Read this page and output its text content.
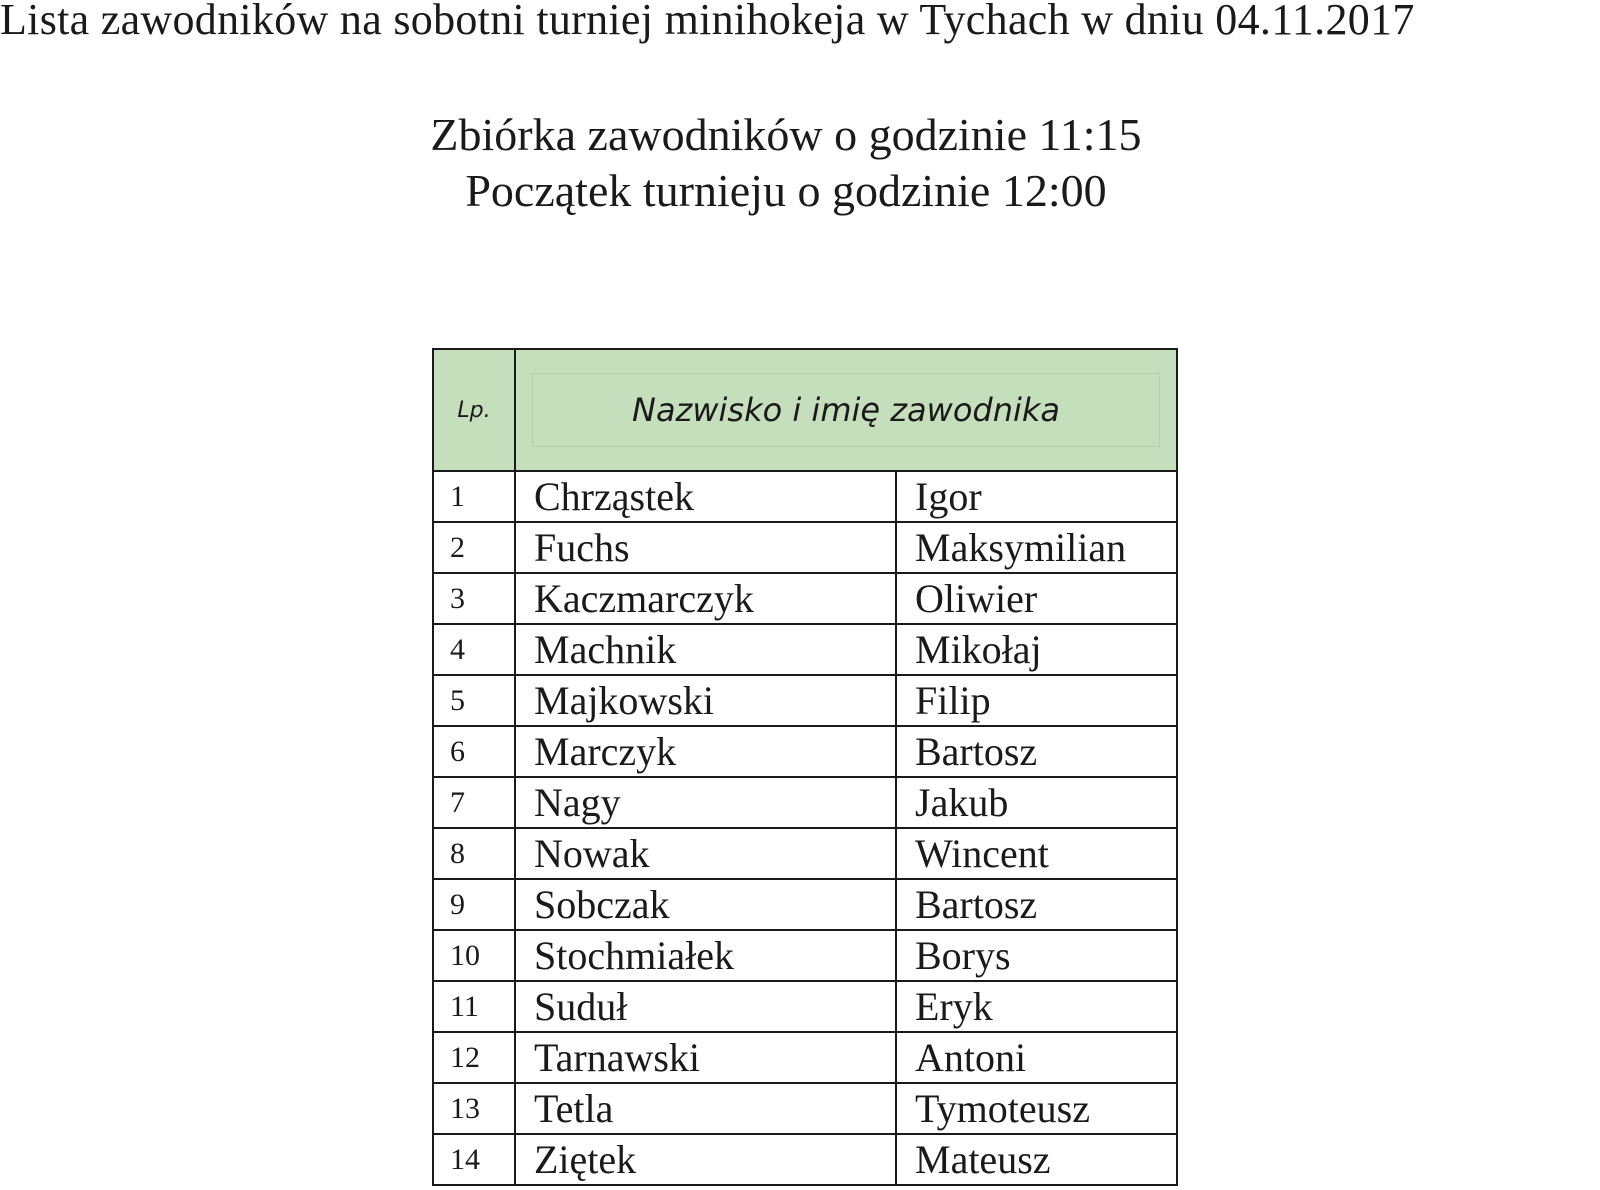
Lista zawodników na sobotni turniej minihokeja w Tychach w dniu 04.11.2017
Zbiórka zawodników o godzinie 11:15
Początek turnieju o godzinie 12:00
Lp.	Nazwisko i imię zawodnika	

1	Chrząstek	Igor
2	Fuchs	Maksymilian
3	Kaczmarczyk	Oliwier
4	Machnik	Mikołaj
5	Majkowski	Filip
6	Marczyk	Bartosz
7	Nagy	Jakub
8	Nowak	Wincent
9	Sobczak	Bartosz
10	Stochmiałek	Borys
11	Suduł	Eryk
12	Tarnawski	Antoni
13	Tetla	Tymoteusz
14	Ziętek	Mateusz
